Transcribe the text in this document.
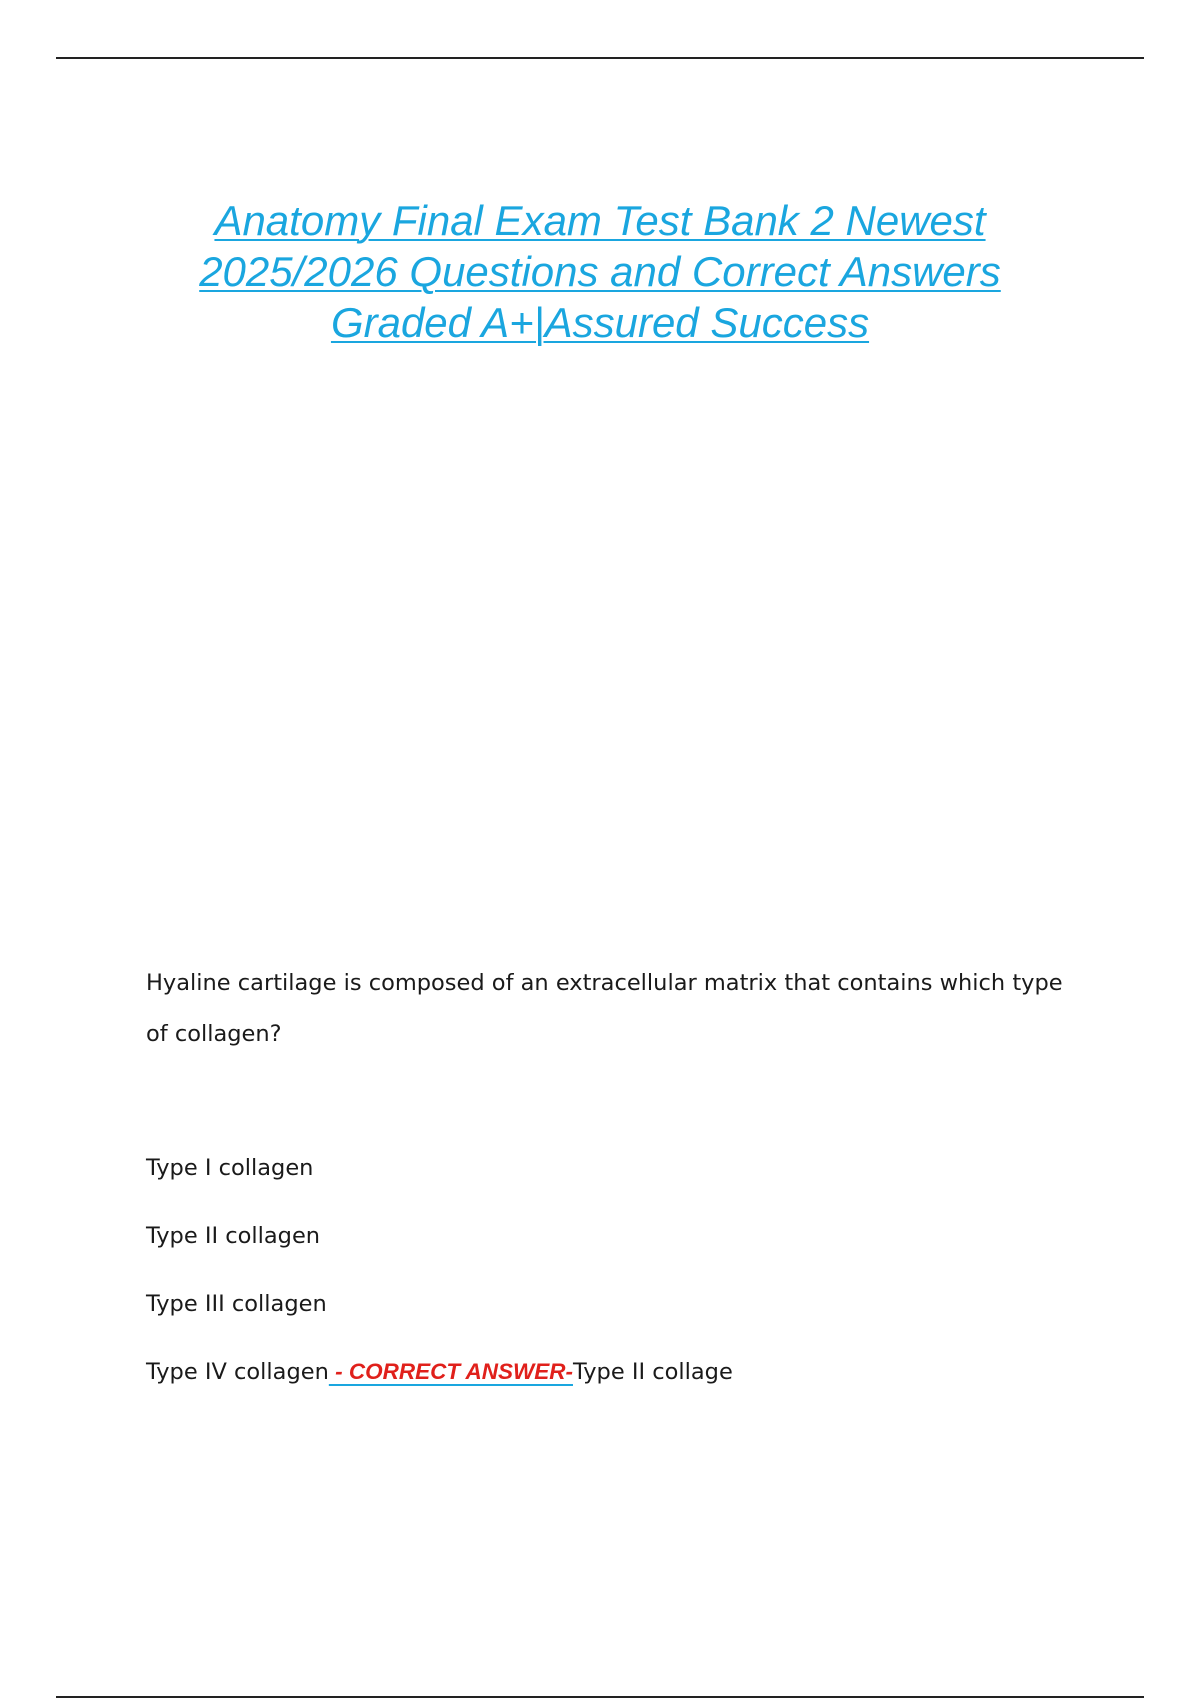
Anatomy Final Exam Test Bank 2 Newest
2025/2026 Questions and Correct Answers
Graded A+|Assured Success

Hyaline cartilage is composed of an extracellular matrix that contains which type of collagen?

Type I collagen
Type II collagen
Type III collagen
Type IV collagen - CORRECT ANSWER-Type II collage
